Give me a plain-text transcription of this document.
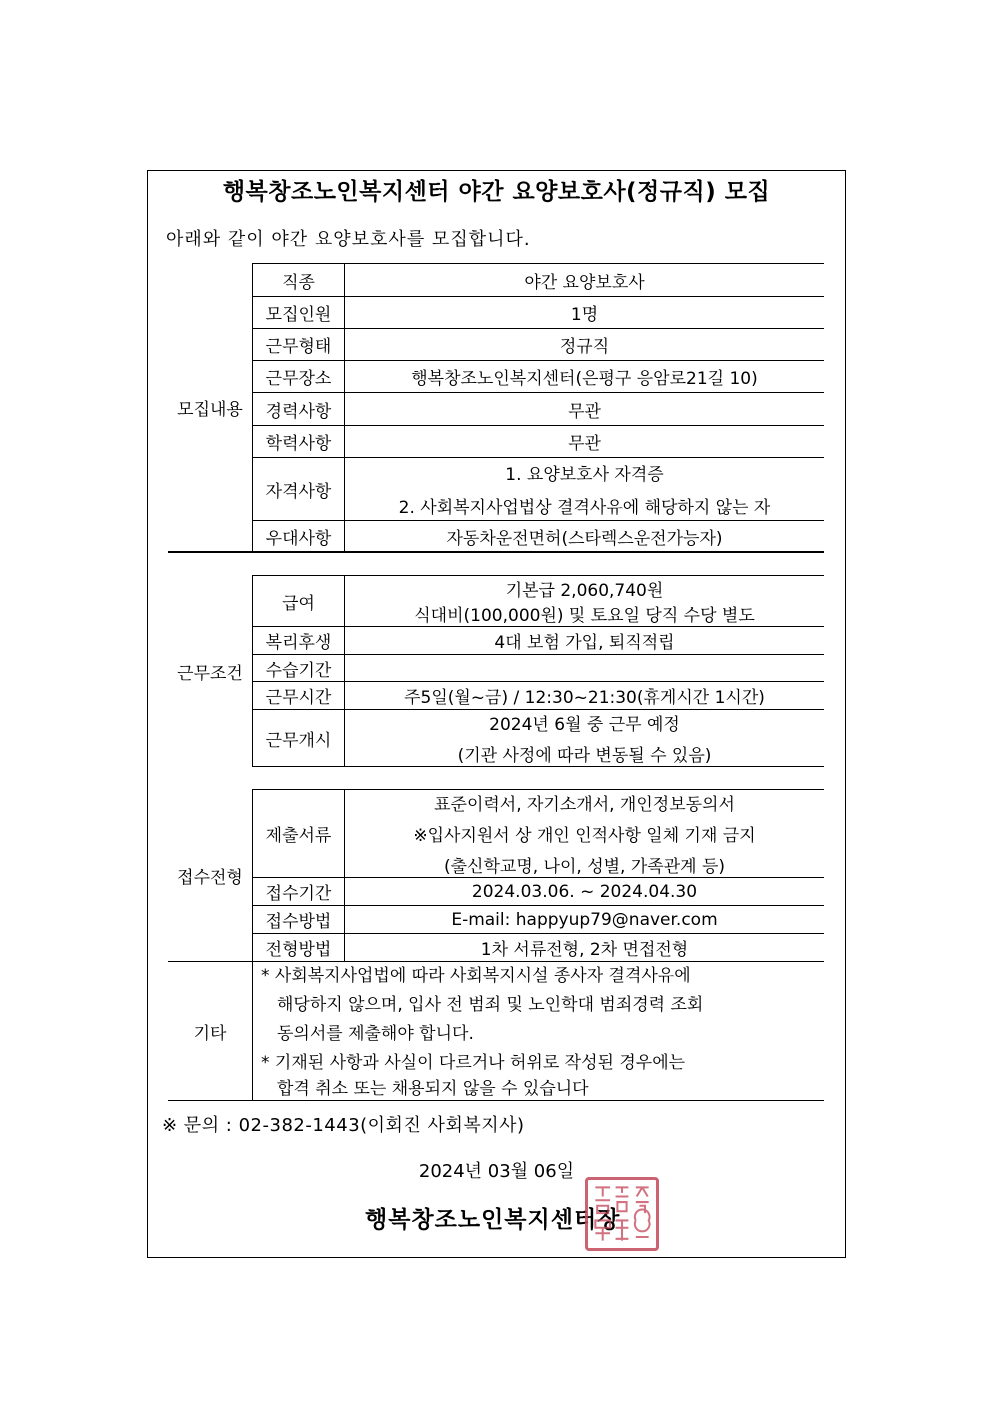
행복창조노인복지센터 야간 요양보호사(정규직) 모집
아래와 같이 야간 요양보호사를 모집합니다.
모집내용	직종	야간 요양보호사
	모집인원	1명
	근무형태	정규직
	근무장소	행복창조노인복지센터(은평구 응암로21길 10)
	경력사항	무관
	학력사항	무관
	자격사항	1. 요양보호사 자격증
2. 사회복지사업법상 결격사유에 해당하지 않는 자

	우대사항	자동차운전면허(스타렉스운전가능자)

근무조건	급여	기본급 2,060,740원
식대비(100,000원) 및 토요일 당직 수당 별도

	복리후생	4대 보험 가입, 퇴직적립
	수습기간	
	근무시간	주5일(월~금) / 12:30~21:30(휴게시간 1시간)
	근무개시	2024년 6월 중 근무 예정
(기관 사정에 따라 변동될 수 있음)
접수전형	제출서류	표준이력서, 자기소개서, 개인정보동의서
※입사지원서 상 개인 인적사항 일체 기재 금지
(출신학교명, 나이, 성별, 가족관계 등)

	접수기간	2024.03.06. ~ 2024.04.30
	접수방법	E-mail: happyup79@naver.com
	전형방법	1차 서류전형, 2차 면접전형
기타	* 사회복지사업법에 따라 사회복지시설 종사자 결격사유에
해당하지 않으며, 입사 전 범죄 및 노인학대 범죄경력 조회
동의서를 제출해야 합니다.
* 기재된 사항과 사실이 다르거나 허위로 작성된 경우에는
합격 취소 또는 채용되지 않을 수 있습니다	
※ 문의 : 02-382-1443(이회진 사회복지사)
2024년 03월 06일
행복창조노인복지센터장
